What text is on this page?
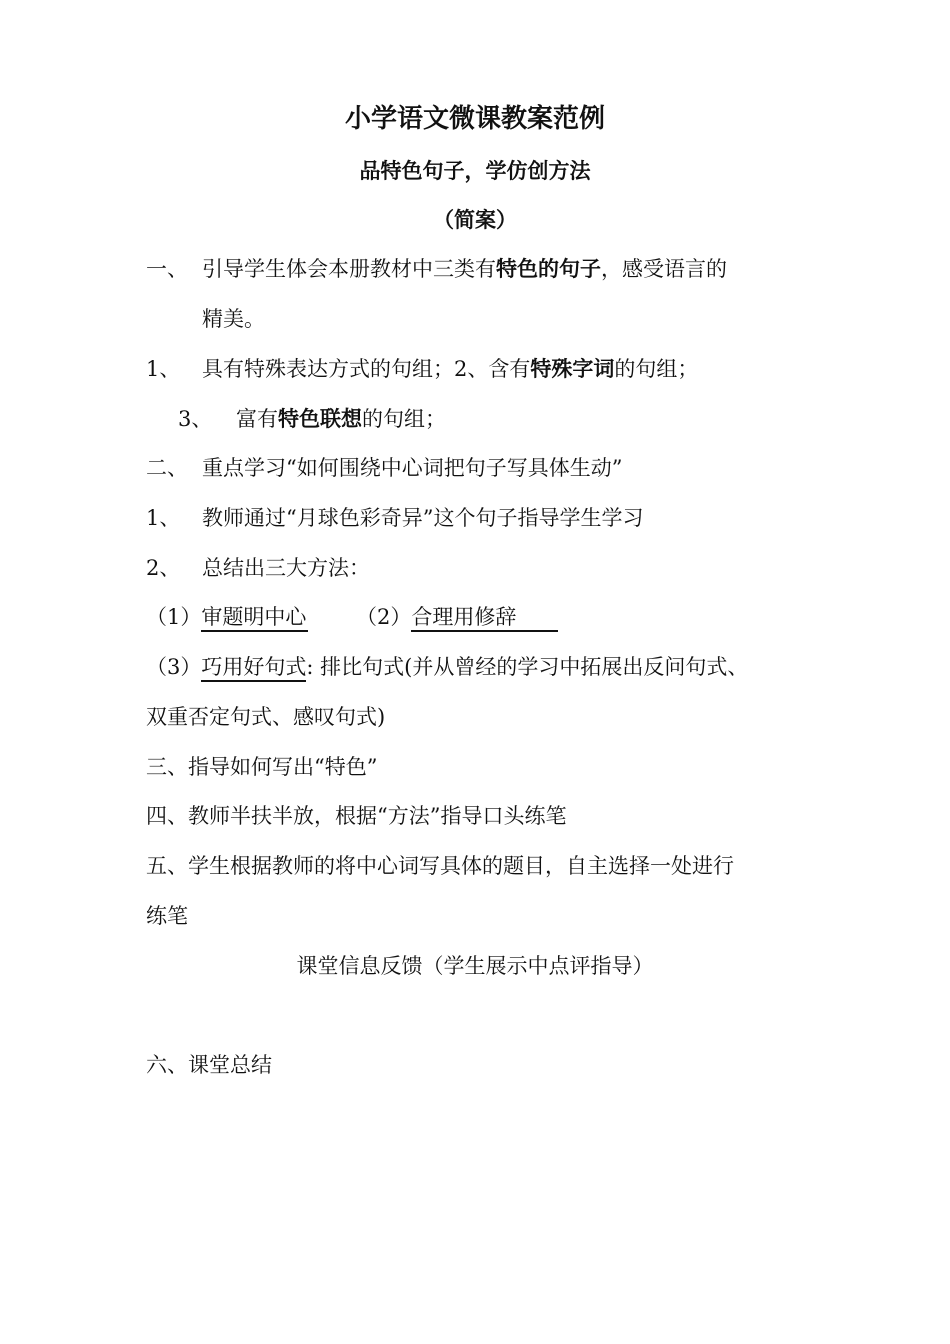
小学语文微课教案范例
品特色句子，学仿创方法
（简案）
一、 引导学生体会本册教材中三类有特色的句子，感受语言的
精美。
1、 具有特殊表达方式的句组；2、含有特殊字词的句组；
3、 富有特色联想的句组；
二、 重点学习“如何围绕中心词把句子写具体生动”
1、 教师通过“月球色彩奇异”这个句子指导学生学习
2、 总结出三大方法：
（1）审题明中心 （2）合理用修辞
（3）巧用好句式: 排比句式(并从曾经的学习中拓展出反问句式、
双重否定句式、感叹句式)
三、指导如何写出“特色”
四、教师半扶半放，根据“方法”指导口头练笔
五、学生根据教师的将中心词写具体的题目，自主选择一处进行
练笔
课堂信息反馈（学生展示中点评指导）
六、课堂总结
